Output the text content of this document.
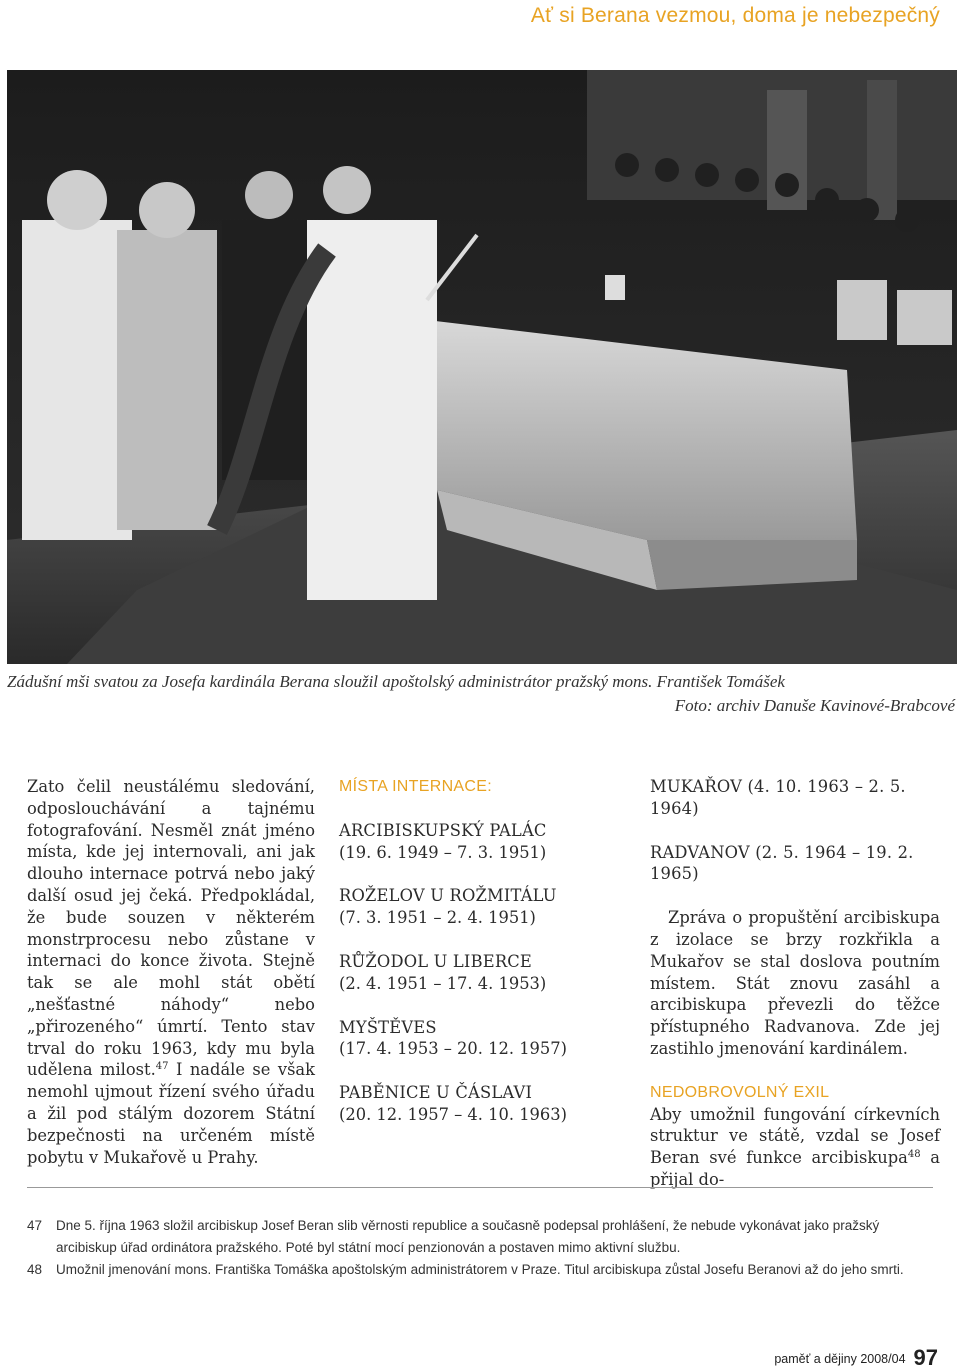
Ať si Berana vezmou, doma je nebezpečný
Zádušní mši svatou za Josefa kardinála Berana sloužil apoštolský administrátor pražský mons. František Tomášek
Foto: archiv Danuše Kavinové-Brabcové
Zato čelil neustálému sledování, odposlouchávání a tajnému fotografování. Nesměl znát jméno místa, kde jej internovali, ani jak dlouho internace potrvá nebo jaký další osud jej čeká. Předpokládal, že bude souzen v některém monstrprocesu nebo zůstane v internaci do konce života. Stejně tak se ale mohl stát obětí „nešťastné náhody“ nebo „přirozeného“ úmrtí. Tento stav trval do roku 1963, kdy mu byla udělena milost.$^{47}$ I nadále se však nemohl ujmout řízení svého úřadu a žil pod stálým dozorem Státní bezpečnosti na určeném místě pobytu v Mukařově u Prahy.
MÍSTA INTERNACE:
ARCIBISKUPSKÝ PALÁC
(19. 6. 1949 – 7. 3. 1951)
ROŽELOV U ROŽMITÁLU
(7. 3. 1951 – 2. 4. 1951)
RŮŽODOL U LIBERCE
(2. 4. 1951 – 17. 4. 1953)
MYŠTĚVES
(17. 4. 1953 – 20. 12. 1957)
PABĚNICE U ČÁSLAVI
(20. 12. 1957 – 4. 10. 1963)
MUKAŘOV (4. 10. 1963 – 2. 5. 1964)
RADVANOV (2. 5. 1964 – 19. 2. 1965)

Zpráva o propuštění arcibiskupa z izolace se brzy rozkřikla a Mukařov se stal doslova poutním místem. Stát znovu zasáhl a arcibiskupa převezli do těžce přístupného Radvanova. Zde jej zastihlo jmenování kardinálem.

NEDOBROVOLNÝ EXIL

Aby umožnil fungování církevních struktur ve státě, vzdal se Josef Beran své funkce arcibiskupa$^{48}$ a přijal do-

47 Dne 5. října 1963 složil arcibiskup Josef Beran slib věrnosti republice a současně podepsal prohlášení, že nebude vykonávat jako pražský arcibiskup úřad ordinátora pražského. Poté byl státní mocí penzionován a postaven mimo aktivní službu.
48 Umožnil jmenování mons. Františka Tomáška apoštolským administrátorem v Praze. Titul arcibiskupa zůstal Josefu Beranovi až do jeho smrti.
paměť a dějiny 2008/04 97
